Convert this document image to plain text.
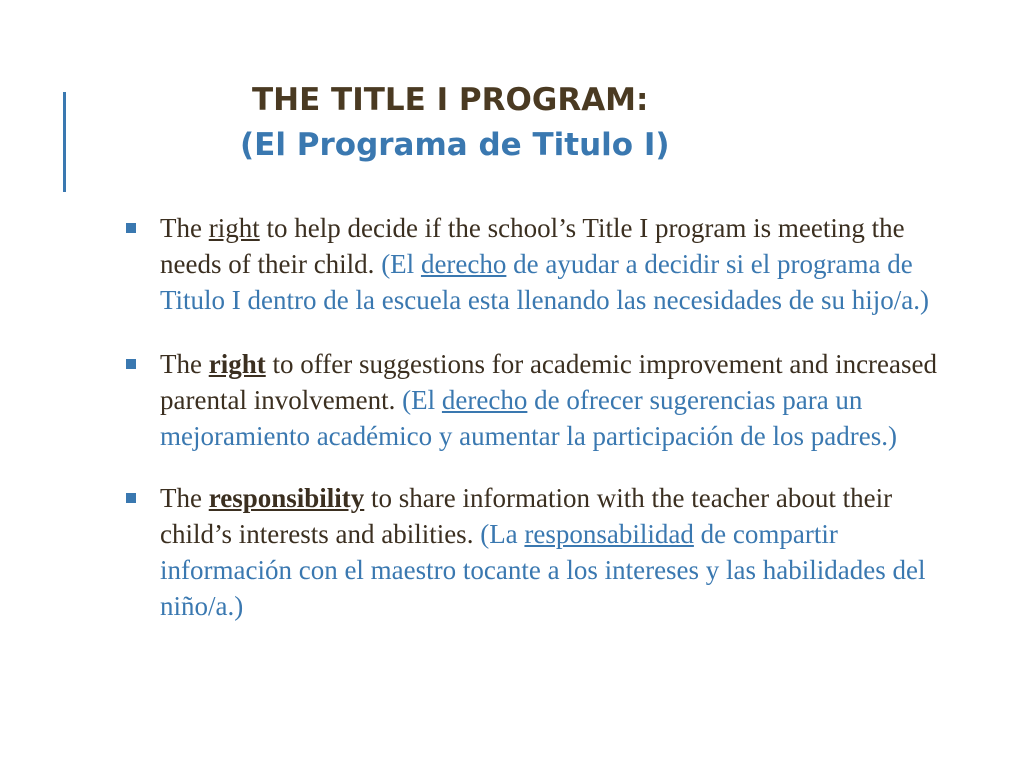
THE TITLE I PROGRAM:
(El Programa de Titulo I)
The right to help decide if the school’s Title I program is meeting the needs of their child. (El derecho de ayudar a decidir si el programa de Titulo I dentro de la escuela esta llenando las necesidades de su hijo/a.)
The right to offer suggestions for academic improvement and increased parental involvement. (El derecho de ofrecer sugerencias para un mejoramiento académico y aumentar la participación de los padres.)
The responsibility to share information with the teacher about their child’s interests and abilities. (La responsabilidad de compartir información con el maestro tocante a los intereses y las habilidades del niño/a.)
